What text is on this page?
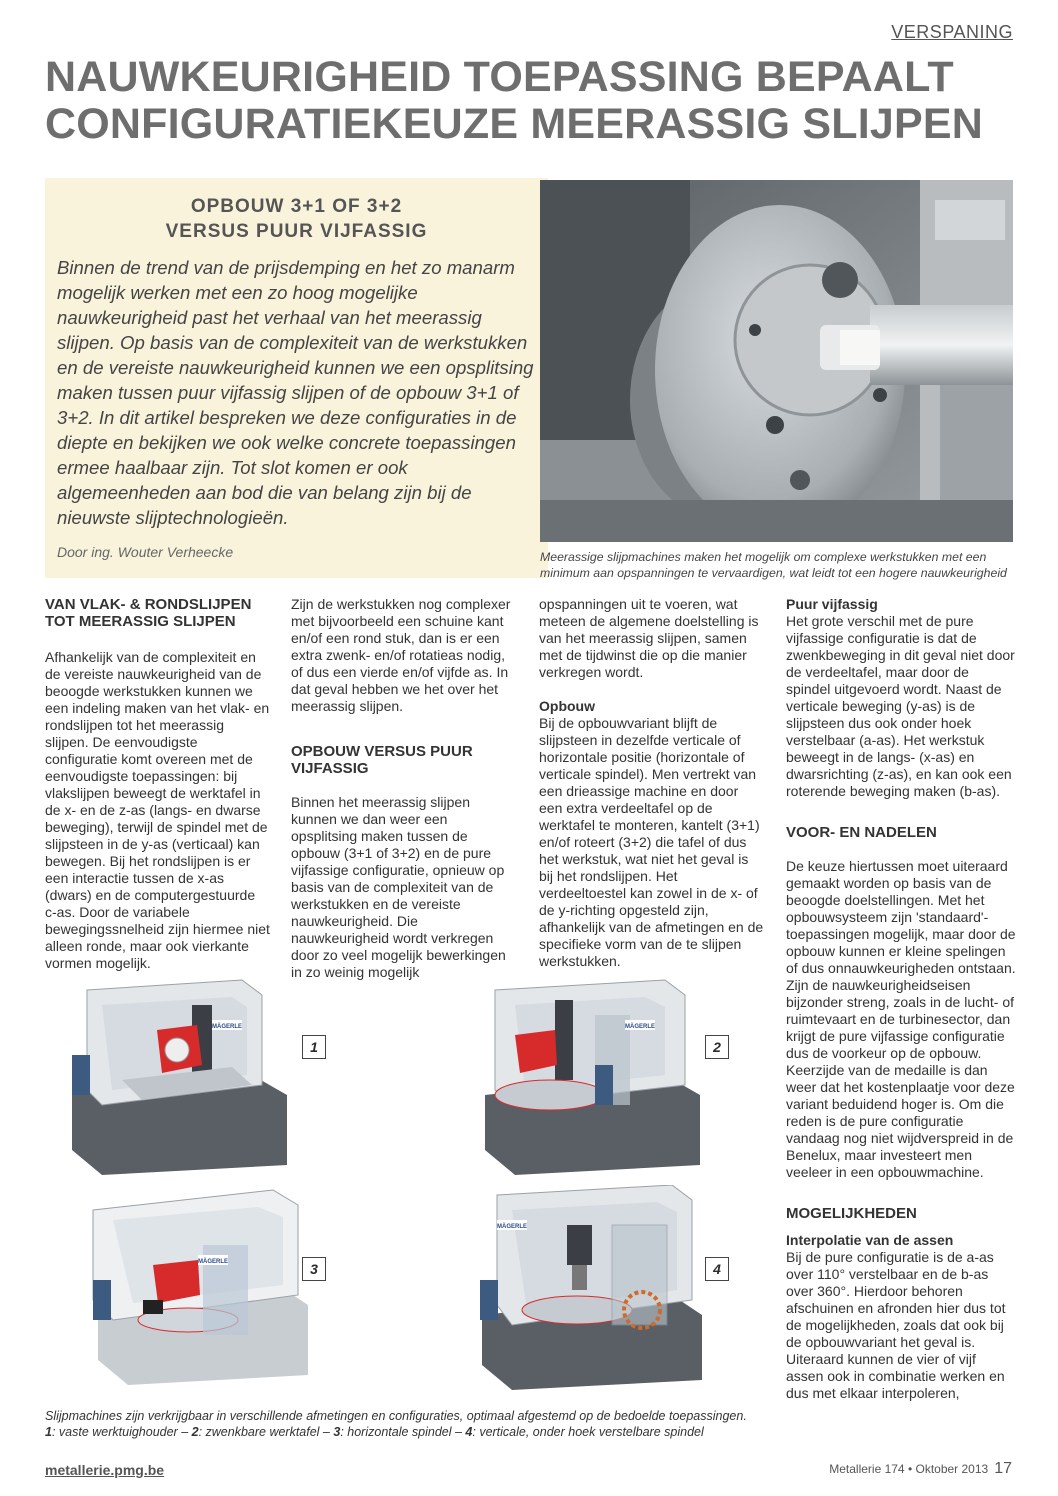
VERSPANING
NAUWKEURIGHEID TOEPASSING BEPAALT CONFIGURATIEKEUZE MEERASSIG SLIJPEN
OPBOUW 3+1 OF 3+2
VERSUS PUUR VIJFASSIG
Binnen de trend van de prijsdemping en het zo manarm mogelijk werken met een zo hoog mogelijke nauwkeurigheid past het verhaal van het meerassig slijpen. Op basis van de complexiteit van de werkstukken en de vereiste nauwkeurigheid kunnen we een opsplitsing maken tussen puur vijfassig slijpen of de opbouw 3+1 of 3+2. In dit artikel bespreken we deze configuraties in de diepte en bekijken we ook welke concrete toepassingen ermee haalbaar zijn. Tot slot komen er ook algemeenheden aan bod die van belang zijn bij de nieuwste slijptechnologieën.
Door ing. Wouter Verheecke	Meerassige slijpmachines maken het mogelijk om complexe werkstukken met een minimum aan opspanningen te vervaardigen, wat leidt tot een hogere nauwkeurigheid

VAN VLAK- & RONDSLIJPEN TOT MEERASSIG SLIJPEN

Afhankelijk van de complexiteit en de vereiste nauwkeurigheid van de beoogde werkstukken kunnen we een indeling maken van het vlak- en rondslijpen tot het meerassig slijpen. De eenvoudigste configuratie komt overeen met de eenvoudigste toepassingen: bij vlakslijpen beweegt de werktafel in de x- en de z-as (langs- en dwarse beweging), terwijl de spindel met de slijpsteen in de y-as (verticaal) kan bewegen. Bij het rondslijpen is er een interactie tussen de x-as (dwars) en de computergestuurde c-as. Door de variabele bewegingssnelheid zijn hiermee niet alleen ronde, maar ook vierkante vormen mogelijk.

Zijn de werkstukken nog complexer met bijvoorbeeld een schuine kant en/of een rond stuk, dan is er een extra zwenk- en/of rotatieas nodig, of dus een vierde en/of vijfde as. In dat geval hebben we het over het meerassig slijpen.

OPBOUW VERSUS PUUR VIJFASSIG

Binnen het meerassig slijpen kunnen we dan weer een opsplitsing maken tussen de opbouw (3+1 of 3+2) en de pure vijfassige configuratie, opnieuw op basis van de complexiteit van de werkstukken en de vereiste nauwkeurigheid. Die nauwkeurigheid wordt verkregen door zo veel mogelijk bewerkingen in zo weinig mogelijk

opspanningen uit te voeren, wat meteen de algemene doelstelling is van het meerassig slijpen, samen met de tijdwinst die op die manier verkregen wordt.

Opbouw

Bij de opbouwvariant blijft de slijpsteen in dezelfde verticale of horizontale positie (horizontale of verticale spindel). Men vertrekt van een drieassige machine en door een extra verdeeltafel op de werktafel te monteren, kantelt (3+1) en/of roteert (3+2) die tafel of dus het werkstuk, wat niet het geval is bij het rondslijpen. Het verdeeltoestel kan zowel in de x- of de y-richting opgesteld zijn, afhankelijk van de afmetingen en de specifieke vorm van de te slijpen werkstukken.

Puur vijfassig

Het grote verschil met de pure vijfassige configuratie is dat de zwenkbeweging in dit geval niet door de verdeeltafel, maar door de spindel uitgevoerd wordt. Naast de verticale beweging (y-as) is de slijpsteen dus ook onder hoek verstelbaar (a-as). Het werkstuk beweegt in de langs- (x-as) en dwarsrichting (z-as), en kan ook een roterende beweging maken (b-as).

VOOR- EN NADELEN

De keuze hiertussen moet uiteraard gemaakt worden op basis van de beoogde doelstellingen. Met het opbouwsysteem zijn 'standaard'-toepassingen mogelijk, maar door de opbouw kunnen er kleine spelingen of dus onnauwkeurigheden ontstaan. Zijn de nauwkeurigheidseisen bijzonder streng, zoals in de lucht- of ruimtevaart en de turbinesector, dan krijgt de pure vijfassige configuratie dus de voorkeur op de opbouw. Keerzijde van de medaille is dan weer dat het kostenplaatje voor deze variant beduidend hoger is. Om die reden is de pure configuratie vandaag nog niet wijdverspreid in de Benelux, maar investeert men veeleer in een opbouwmachine.

MOGELIJKHEDEN

Interpolatie van de assen

Bij de pure configuratie is de a-as over 110° verstelbaar en de b-as over 360°. Hierdoor behoren afschuinen en afronden hier dus tot de mogelijkheden, zoals dat ook bij de opbouwvariant het geval is. Uiteraard kunnen de vier of vijf assen ook in combinatie werken en dus met elkaar interpoleren,

MÄGERLE
1
MÄGERLE
2
MÄGERLE	3
MÄGERLE
4
Slijpmachines zijn verkrijgbaar in verschillende afmetingen en configuraties, optimaal afgestemd op de bedoelde toepassingen.
1: vaste werktuighouder – 2: zwenkbare werktafel – 3: horizontale spindel – 4: verticale, onder hoek verstelbare spindel
metallerie.pmg.be	Metallerie 174 • Oktober 2013 17
